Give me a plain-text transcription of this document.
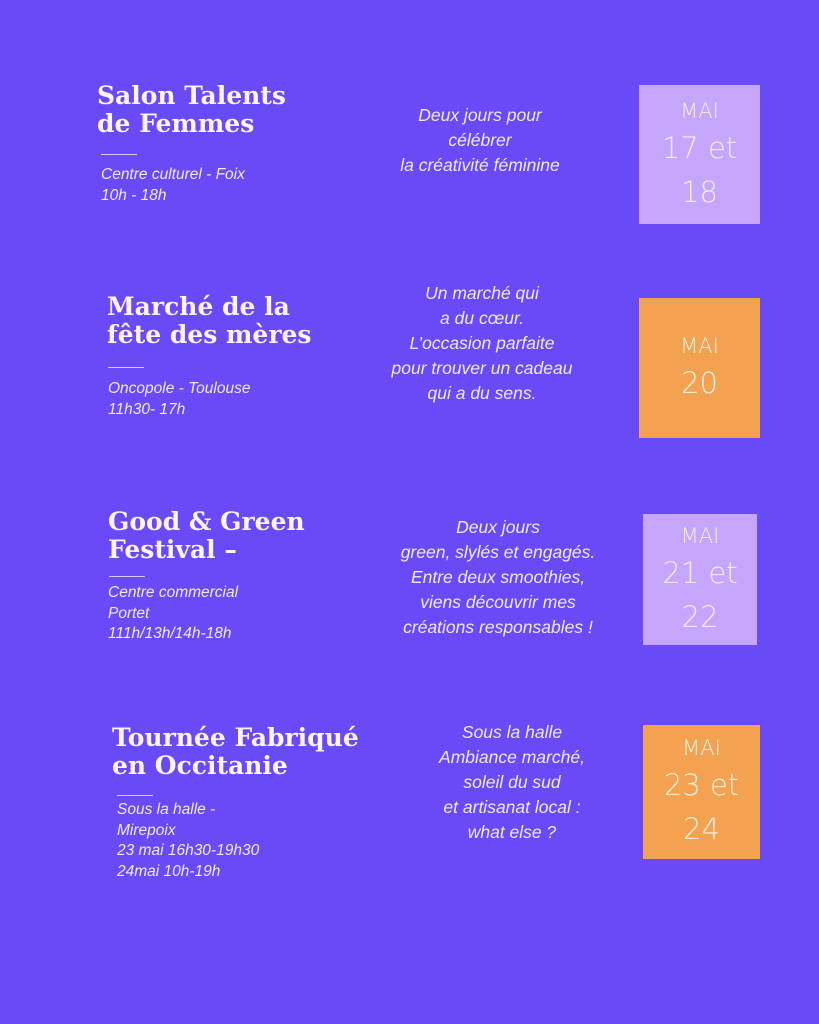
Salon Talents
de Femmes
Centre culturel - Foix
10h - 18h
Deux jours pour
célébrer
la créativité féminine
MAI
17 et
18
Marché de la
fête des mères
Oncopole - Toulouse
11h30- 17h
Un marché qui
a du cœur.
L’occasion parfaite
pour trouver un cadeau
qui a du sens.
MAI
20
Good & Green
Festival –
Centre commercial
Portet
111h/13h/14h-18h
Deux jours
green, slylés et engagés.
Entre deux smoothies,
viens découvrir mes
créations responsables !
MAI
21 et
22
Tournée Fabriqué
en Occitanie
Sous la halle -
Mirepoix
23 mai 16h30-19h30
24mai 10h-19h
Sous la halle
Ambiance marché,
soleil du sud
et artisanat local :
what else ?
MAI
23 et
24
